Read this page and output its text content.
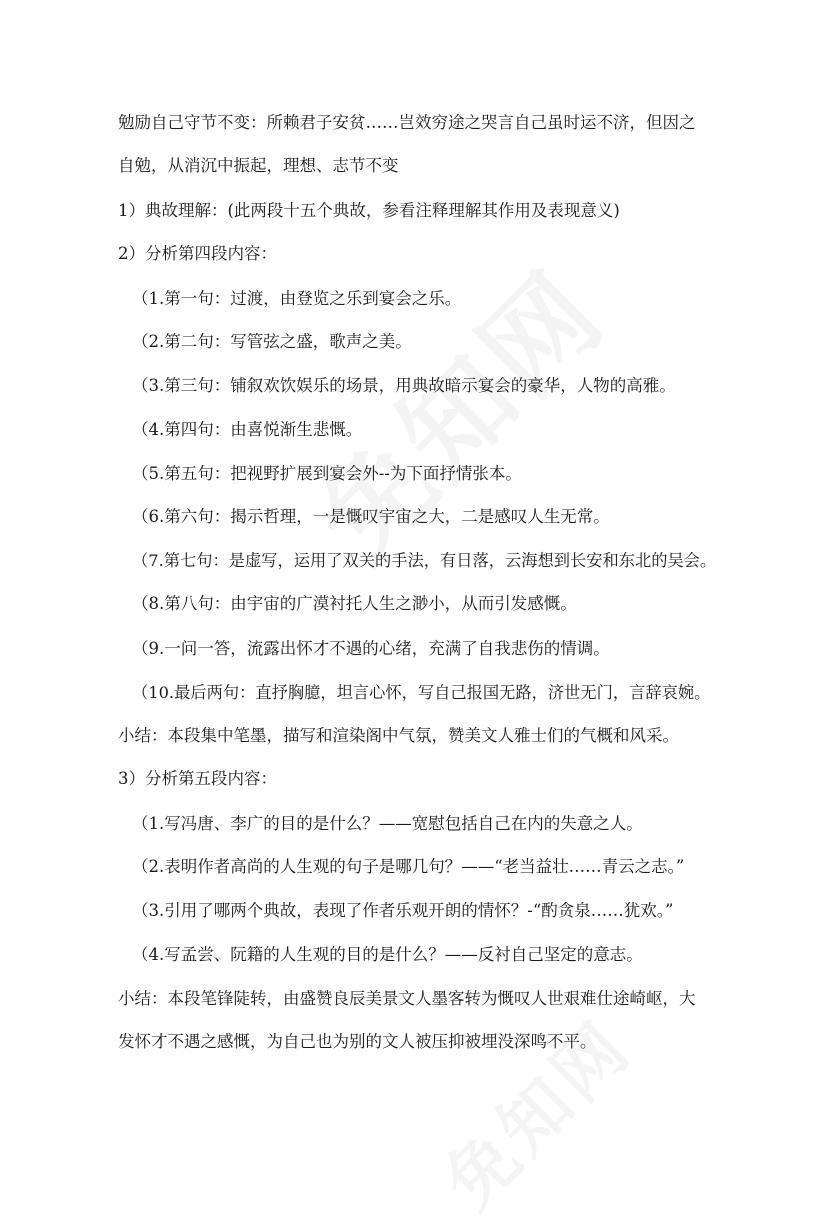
勉励自己守节不变：所赖君子安贫……岂效穷途之哭言自己虽时运不济，但因之
自勉，从消沉中振起，理想、志节不变
1）典故理解：(此两段十五个典故，参看注释理解其作用及表现意义)
2）分析第四段内容：
（1.第一句：过渡，由登览之乐到宴会之乐。
（2.第二句：写管弦之盛，歌声之美。
（3.第三句：铺叙欢饮娱乐的场景，用典故暗示宴会的豪华，人物的高雅。
（4.第四句：由喜悦渐生悲慨。
（5.第五句：把视野扩展到宴会外--为下面抒情张本。
（6.第六句：揭示哲理，一是慨叹宇宙之大，二是感叹人生无常。
（7.第七句：是虚写，运用了双关的手法，有日落，云海想到长安和东北的吴会。
（8.第八句：由宇宙的广漠衬托人生之渺小，从而引发感慨。
（9.一问一答，流露出怀才不遇的心绪，充满了自我悲伤的情调。
（10.最后两句：直抒胸臆，坦言心怀，写自己报国无路，济世无门，言辞哀婉。
小结：本段集中笔墨，描写和渲染阁中气氛，赞美文人雅士们的气概和风采。
3）分析第五段内容：
（1.写冯唐、李广的目的是什么？——宽慰包括自己在内的失意之人。
（2.表明作者高尚的人生观的句子是哪几句？——“老当益壮……青云之志。”
（3.引用了哪两个典故，表现了作者乐观开朗的情怀？-“酌贪泉……犹欢。”
（4.写孟尝、阮籍的人生观的目的是什么？——反衬自己坚定的意志。
小结：本段笔锋陡转，由盛赞良辰美景文人墨客转为慨叹人世艰难仕途崎岖，大
发怀才不遇之感慨，为自己也为别的文人被压抑被埋没深鸣不平。
